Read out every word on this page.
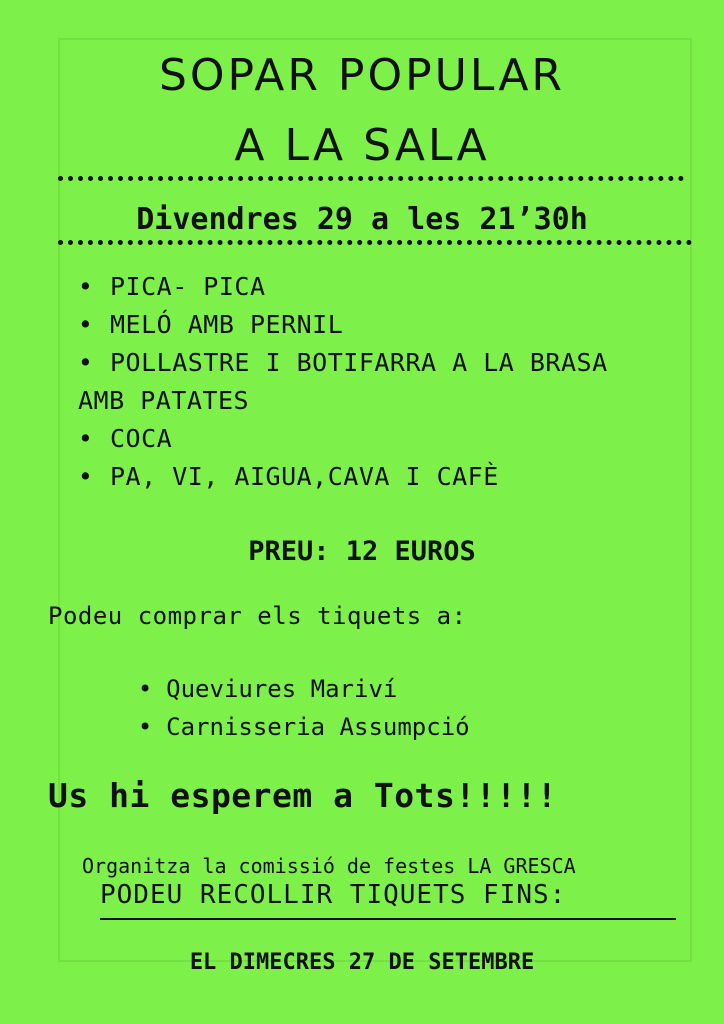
SOPAR POPULAR
A LA SALA
Divendres 29 a les 21’30h
• PICA- PICA
• MELÓ AMB PERNIL
• POLLASTRE I BOTIFARRA A LA BRASA
AMB PATATES
• COCA
• PA, VI, AIGUA,CAVA I CAFÈ
PREU: 12 EUROS
Podeu comprar els tiquets a:
• Queviures Mariví
• Carnisseria Assumpció
Us hi esperem a Tots!!!!!
Organitza la comissió de festes LA GRESCA
PODEU RECOLLIR TIQUETS FINS:
EL DIMECRES 27 DE SETEMBRE
